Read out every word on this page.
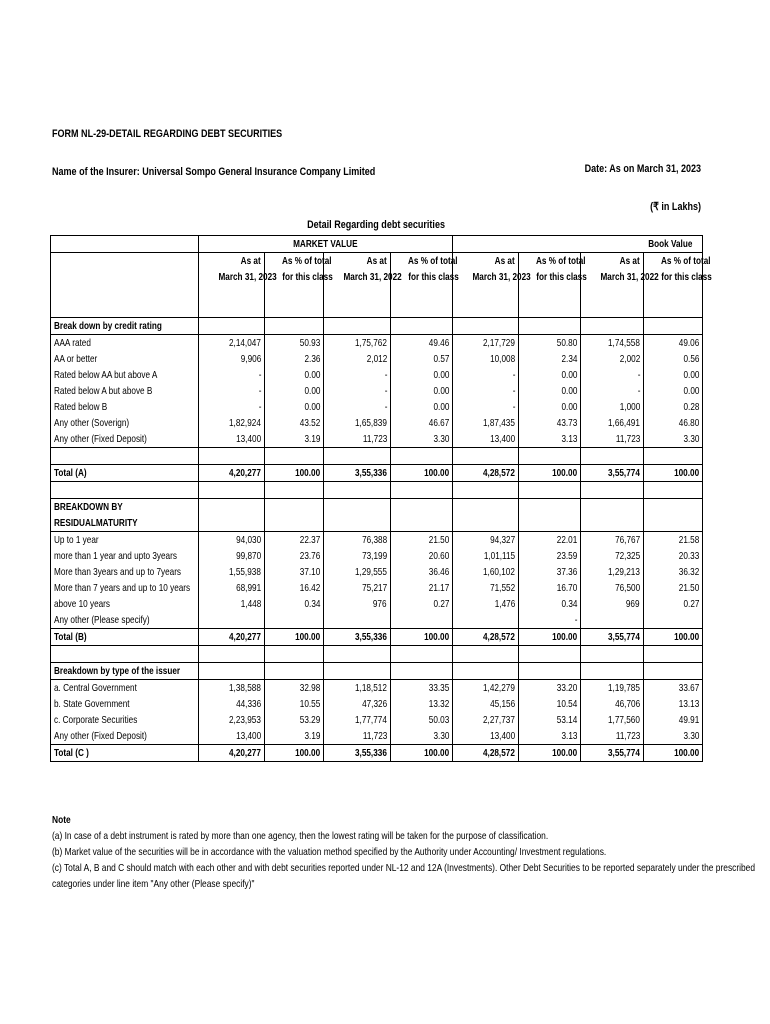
FORM NL-29-DETAIL REGARDING DEBT SECURITIES
Name of the Insurer: Universal Sompo General Insurance Company Limited	Date: As on March 31, 2023
(₹ in Lakhs)
Detail Regarding debt securities
	MARKET VALUE				Book Value			
	As at	As % of total	As at	As % of total	As at	As % of total	As at	As % of total
	March 31, 2023	for this class	March 31, 2022	for this class	March 31, 2023	for this class	March 31, 2022	for this class

Break down by credit rating								
AAA rated	2,14,047	50.93	1,75,762	49.46	2,17,729	50.80	1,74,558	49.06
AA or better	9,906	2.36	2,012	0.57	10,008	2.34	2,002	0.56
Rated below AA but above A	-	0.00	-	0.00	-	0.00	-	0.00
Rated below A but above B	-	0.00	-	0.00	-	0.00	-	0.00
Rated below B	-	0.00	-	0.00	-	0.00	1,000	0.28
Any other (Soverign)	1,82,924	43.52	1,65,839	46.67	1,87,435	43.73	1,66,491	46.80
Any other (Fixed Deposit)	13,400	3.19	11,723	3.30	13,400	3.13	11,723	3.30

Total (A)	4,20,277	100.00	3,55,336	100.00	4,28,572	100.00	3,55,774	100.00

BREAKDOWN BY								
RESIDUALMATURITY								
Up to 1 year	94,030	22.37	76,388	21.50	94,327	22.01	76,767	21.58
more than 1 year and upto 3years	99,870	23.76	73,199	20.60	1,01,115	23.59	72,325	20.33
More than 3years and up to 7years	1,55,938	37.10	1,29,555	36.46	1,60,102	37.36	1,29,213	36.32
More than 7 years and up to 10 years	68,991	16.42	75,217	21.17	71,552	16.70	76,500	21.50
above 10 years	1,448	0.34	976	0.27	1,476	0.34	969	0.27
Any other (Please specify)						-		
Total (B)	4,20,277	100.00	3,55,336	100.00	4,28,572	100.00	3,55,774	100.00

Breakdown by type of the issuer								
a. Central Government	1,38,588	32.98	1,18,512	33.35	1,42,279	33.20	1,19,785	33.67
b. State Government	44,336	10.55	47,326	13.32	45,156	10.54	46,706	13.13
c. Corporate Securities	2,23,953	53.29	1,77,774	50.03	2,27,737	53.14	1,77,560	49.91
Any other (Fixed Deposit)	13,400	3.19	11,723	3.30	13,400	3.13	11,723	3.30
Total (C )	4,20,277	100.00	3,55,336	100.00	4,28,572	100.00	3,55,774	100.00
Note
(a) In case of a debt instrument is rated by more than one agency, then the lowest rating will be taken for the purpose of classification.
(b) Market value of the securities will be in accordance with the valuation method specified by the Authority under Accounting/ Investment regulations.
(c) Total A, B and C should match with each other and with debt securities reported under NL-12 and 12A (Investments). Other Debt Securities to be reported separately under the prescribed
categories under line item "Any other (Please specify)"
